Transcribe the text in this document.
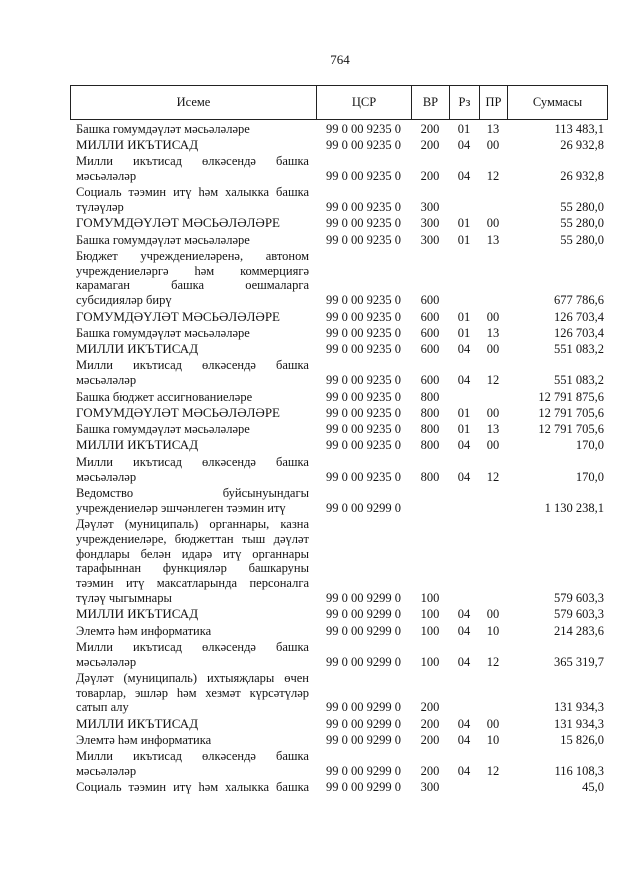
764
Исеме	ЦСР	ВР	Рз	ПР	Суммасы
Башка гомумдәүләт мәсьәләләре	99 0 00 9235 0	200	01	13	113 483,1
МИЛЛИ ИКЪТИСАД	99 0 00 9235 0	200	04	00	26 932,8
Милли икътисад өлкәсендә башка
мәсьәләләр	99 0 00 9235 0	200	04	12	26 932,8
Социаль тәэмин итү һәм халыкка башка
түләүләр	99 0 00 9235 0	300	55 280,0
ГОМУМДӘҮЛӘТ МӘСЬӘЛӘЛӘРЕ	99 0 00 9235 0	300	01	00	55 280,0
Башка гомумдәүләт мәсьәләләре	99 0 00 9235 0	300	01	13	55 280,0
Бюджет учреждениеләренә, автоном
учреждениеләргә һәм коммерциягә
карамаган башка оешмаларга
субсидияләр бирү	99 0 00 9235 0	600	677 786,6
ГОМУМДӘҮЛӘТ МӘСЬӘЛӘЛӘРЕ	99 0 00 9235 0	600	01	00	126 703,4
Башка гомумдәүләт мәсьәләләре	99 0 00 9235 0	600	01	13	126 703,4
МИЛЛИ ИКЪТИСАД	99 0 00 9235 0	600	04	00	551 083,2
Милли икътисад өлкәсендә башка
мәсьәләләр	99 0 00 9235 0	600	04	12	551 083,2
Башка бюджет ассигнованиеләре	99 0 00 9235 0	800	12 791 875,6
ГОМУМДӘҮЛӘТ МӘСЬӘЛӘЛӘРЕ	99 0 00 9235 0	800	01	00	12 791 705,6
Башка гомумдәүләт мәсьәләләре	99 0 00 9235 0	800	01	13	12 791 705,6
МИЛЛИ ИКЪТИСАД	99 0 00 9235 0	800	04	00	170,0
Милли икътисад өлкәсендә башка
мәсьәләләр	99 0 00 9235 0	800	04	12	170,0
Ведомство буйсынуындагы
учреждениеләр эшчәнлеген тәэмин итү	99 0 00 9299 0	1 130 238,1
Дәүләт (муниципаль) органнары, казна
учреждениеләре, бюджеттан тыш дәүләт
фондлары белән идарә итү органнары
тарафыннан функцияләр башкаруны
тәэмин итү максатларында персоналга
түләү чыгымнары	99 0 00 9299 0	100	579 603,3
МИЛЛИ ИКЪТИСАД	99 0 00 9299 0	100	04	00	579 603,3
Элемтә һәм информатика	99 0 00 9299 0	100	04	10	214 283,6
Милли икътисад өлкәсендә башка
мәсьәләләр	99 0 00 9299 0	100	04	12	365 319,7
Дәүләт (муниципаль) ихтыяҗлары өчен
товарлар, эшләр һәм хезмәт күрсәтүләр
сатып алу	99 0 00 9299 0	200	131 934,3
МИЛЛИ ИКЪТИСАД	99 0 00 9299 0	200	04	00	131 934,3
Элемтә һәм информатика	99 0 00 9299 0	200	04	10	15 826,0
Милли икътисад өлкәсендә башка
мәсьәләләр	99 0 00 9299 0	200	04	12	116 108,3
Социаль тәэмин итү һәм халыкка башка	99 0 00 9299 0	300	45,0
